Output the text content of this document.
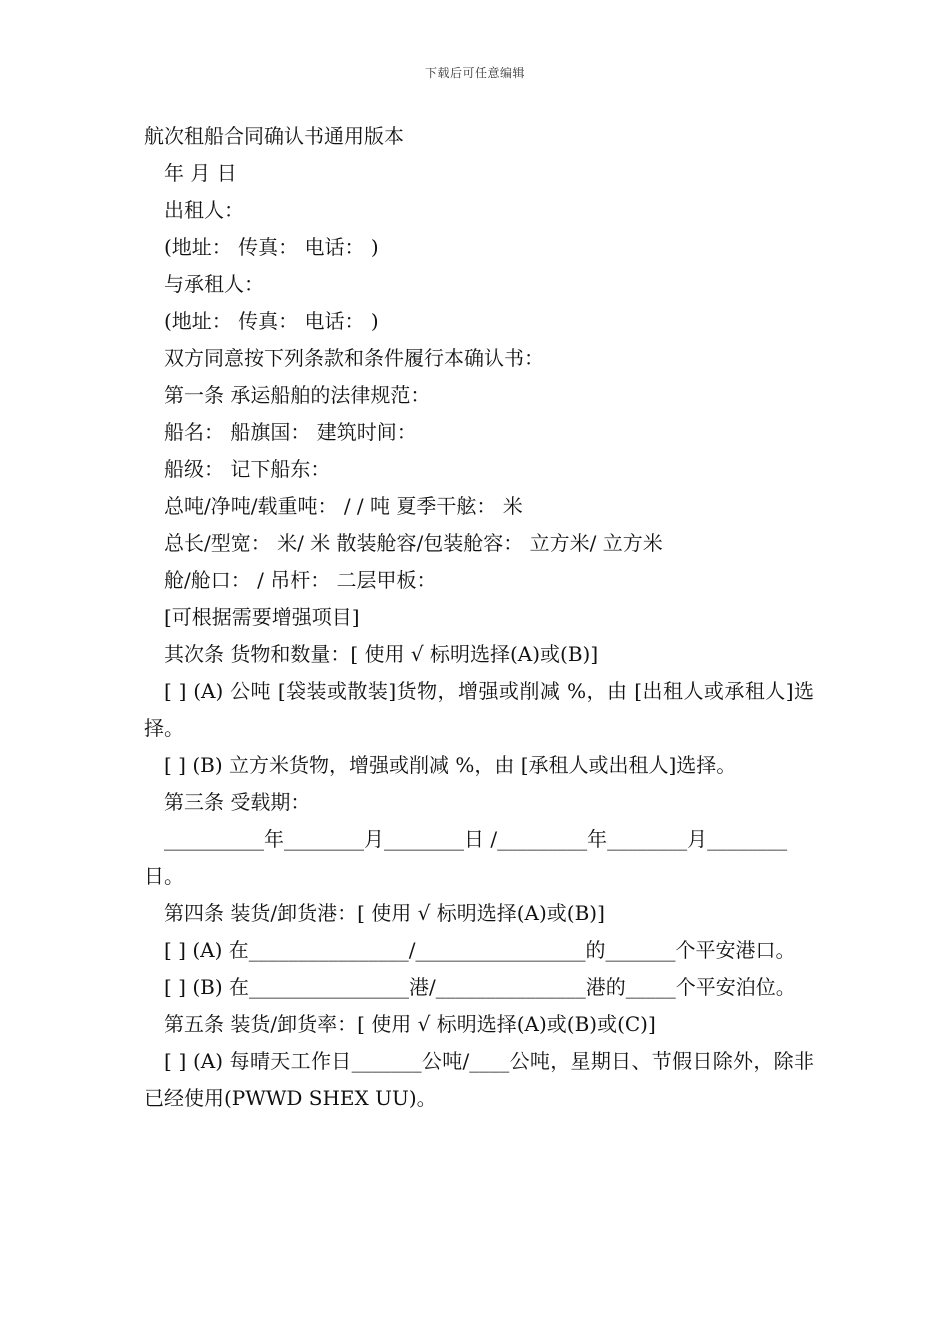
下载后可任意编辑
航次租船合同确认书通用版本
年 月 日
出租人：
(地址： 传真： 电话： )
与承租人：
(地址： 传真： 电话： )
双方同意按下列条款和条件履行本确认书：
第一条 承运船舶的法律规范：
船名： 船旗国： 建筑时间：
船级： 记下船东：
总吨/净吨/载重吨： / / 吨 夏季干舷： 米
总长/型宽： 米/ 米 散装舱容/包装舱容： 立方米/ 立方米
舱/舱口： / 吊杆： 二层甲板：
[可根据需要增强项目]
其次条 货物和数量：[ 使用 √ 标明选择(A)或(B)]
[ ] (A) 公吨 [袋装或散装]货物，增强或削减 %，由 [出租人或承租人]选择。
[ ] (B) 立方米货物，增强或削减 %，由 [承租人或出租人]选择。
第三条 受载期：
__________年________月________日 /_________年________月________日。
第四条 装货/卸货港：[ 使用 √ 标明选择(A)或(B)]
[ ] (A) 在________________/_________________的_______个平安港口。
[ ] (B) 在________________港/_______________港的_____个平安泊位。
第五条 装货/卸货率：[ 使用 √ 标明选择(A)或(B)或(C)]
[ ] (A) 每晴天工作日_______公吨/____公吨，星期日、节假日除外，除非已经使用(PWWD SHEX UU)。
